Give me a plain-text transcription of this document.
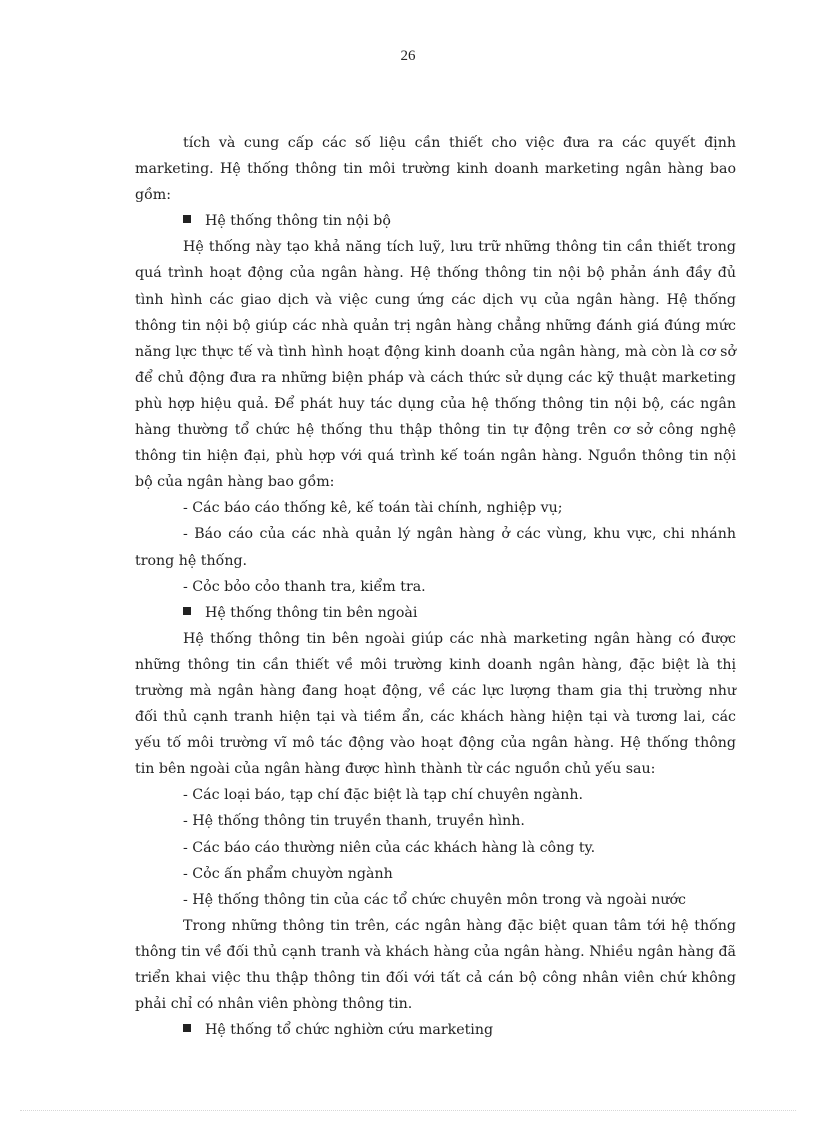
26

tích và cung cấp các số liệu cần thiết cho việc đưa ra các quyết định marketing. Hệ thống thông tin môi trường kinh doanh marketing ngân hàng bao gồm:

Hệ thống thông tin nội bộ

Hệ thống này tạo khả năng tích luỹ, lưu trữ những thông tin cần thiết trong quá trình hoạt động của ngân hàng. Hệ thống thông tin nội bộ phản ánh đầy đủ tình hình các giao dịch và việc cung ứng các dịch vụ của ngân hàng. Hệ thống thông tin nội bộ giúp các nhà quản trị ngân hàng chẳng những đánh giá đúng mức năng lực thực tế và tình hình hoạt động kinh doanh của ngân hàng, mà còn là cơ sở để chủ động đưa ra những biện pháp và cách thức sử dụng các kỹ thuật marketing phù hợp hiệu quả. Để phát huy tác dụng của hệ thống thông tin nội bộ, các ngân hàng thường tổ chức hệ thống thu thập thông tin tự động trên cơ sở công nghệ thông tin hiện đại, phù hợp với quá trình kế toán ngân hàng. Nguồn thông tin nội bộ của ngân hàng bao gồm:

- Các báo cáo thống kê, kế toán tài chính, nghiệp vụ;

- Báo cáo của các nhà quản lý ngân hàng ở các vùng, khu vực, chi nhánh trong hệ thống.

- Cỏc bỏo cỏo thanh tra, kiểm tra.

Hệ thống thông tin bên ngoài

Hệ thống thông tin bên ngoài giúp các nhà marketing ngân hàng có được những thông tin cần thiết về môi trường kinh doanh ngân hàng, đặc biệt là thị trường mà ngân hàng đang hoạt động, về các lực lượng tham gia thị trường như đối thủ cạnh tranh hiện tại và tiềm ẩn, các khách hàng hiện tại và tương lai, các yếu tố môi trường vĩ mô tác động vào hoạt động của ngân hàng. Hệ thống thông tin bên ngoài của ngân hàng được hình thành từ các nguồn chủ yếu sau:

- Các loại báo, tạp chí đặc biệt là tạp chí chuyên ngành.

- Hệ thống thông tin truyền thanh, truyền hình.

- Các báo cáo thường niên của các khách hàng là công ty.

- Cỏc ấn phẩm chuyờn ngành

- Hệ thống thông tin của các tổ chức chuyên môn trong và ngoài nước

Trong những thông tin trên, các ngân hàng đặc biệt quan tâm tới hệ thống thông tin về đối thủ cạnh tranh và khách hàng của ngân hàng. Nhiều ngân hàng đã triển khai việc thu thập thông tin đối với tất cả cán bộ công nhân viên chứ không phải chỉ có nhân viên phòng thông tin.

Hệ thống tổ chức nghiờn cứu marketing
